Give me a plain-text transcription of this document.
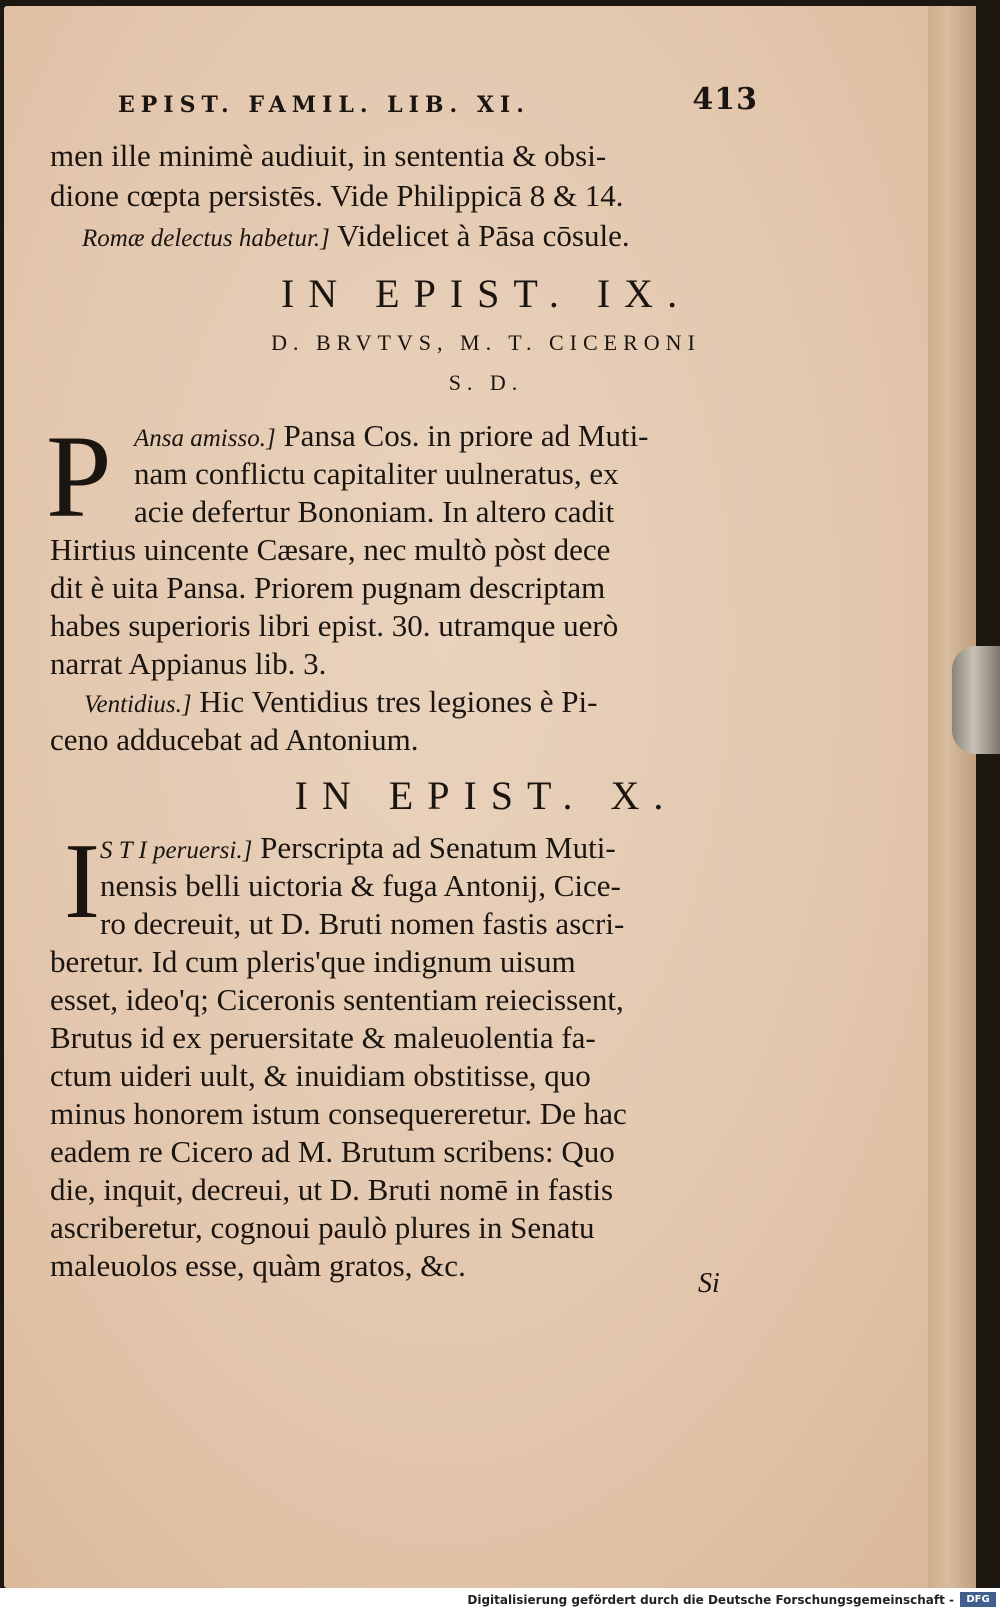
EPIST. FAMIL. LIB. XI.	413
men ille minimè audiuit, in sententia & obsi-
dione cœpta persistēs. Vide Philippicā 8 & 14.
Romæ delectus habetur.] Videlicet à Pāsa cōsule.
IN EPIST. IX.
D. BRVTVS, M. T. CICERONI
S. D.
P Ansa amisso.] Pansa Cos. in priore ad Muti-
nam conflictu capitaliter uulneratus, ex
acie defertur Bononiam. In altero cadit
Hirtius uincente Cæsare, nec multò pòst dece
dit è uita Pansa. Priorem pugnam descriptam
habes superioris libri epist. 30. utramque uerò
narrat Appianus lib. 3.
Ventidius.] Hic Ventidius tres legiones è Pi-
ceno adducebat ad Antonium.
IN EPIST. X.
I S T I peruersi.] Perscripta ad Senatum Muti-
nensis belli uictoria & fuga Antonij, Cice-
ro decreuit, ut D. Bruti nomen fastis ascri-
beretur. Id cum pleris'que indignum uisum
esset, ideo'q; Ciceronis sententiam reiecissent,
Brutus id ex peruersitate & maleuolentia fa-
ctum uideri uult, & inuidiam obstitisse, quo
minus honorem istum consequereretur. De hac
eadem re Cicero ad M. Brutum scribens: Quo
die, inquit, decreui, ut D. Bruti nomē in fastis
ascriberetur, cognoui paulò plures in Senatu
maleuolos esse, quàm gratos, &c.
Si
Digitalisierung gefördert durch die Deutsche Forschungsgemeinschaft -	DFG
